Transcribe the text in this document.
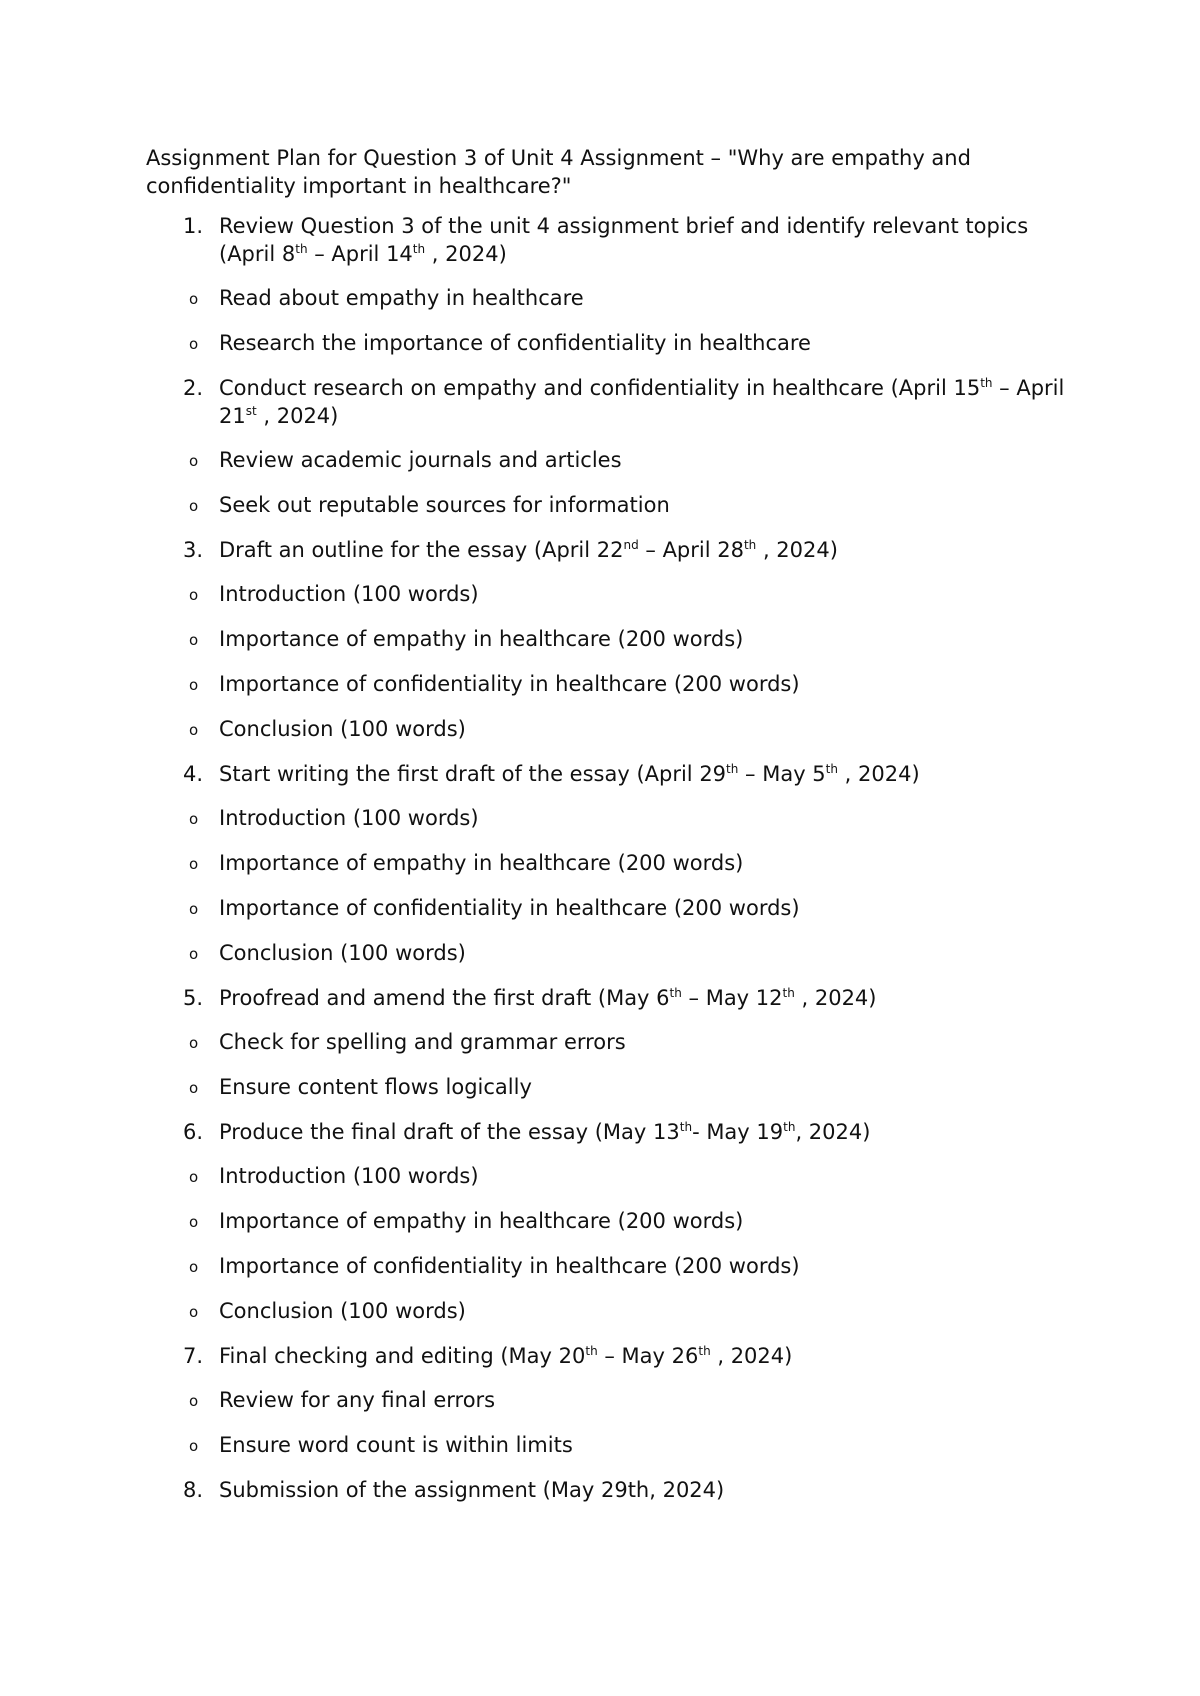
Assignment Plan for Question 3 of Unit 4 Assignment – "Why are empathy and
confidentiality important in healthcare?"
1. Review Question 3 of the unit 4 assignment brief and identify relevant topics (April 8th – April 14th , 2024)
o Read about empathy in healthcare
o Research the importance of confidentiality in healthcare
2. Conduct research on empathy and confidentiality in healthcare (April 15th – April 21st , 2024)
o Review academic journals and articles
o Seek out reputable sources for information
3. Draft an outline for the essay (April 22nd – April 28th , 2024)
o Introduction (100 words)
o Importance of empathy in healthcare (200 words)
o Importance of confidentiality in healthcare (200 words)
o Conclusion (100 words)
4. Start writing the first draft of the essay (April 29th – May 5th , 2024)
o Introduction (100 words)
o Importance of empathy in healthcare (200 words)
o Importance of confidentiality in healthcare (200 words)
o Conclusion (100 words)
5. Proofread and amend the first draft (May 6th – May 12th , 2024)
o Check for spelling and grammar errors
o Ensure content flows logically
6. Produce the final draft of the essay (May 13th- May 19th, 2024)
o Introduction (100 words)
o Importance of empathy in healthcare (200 words)
o Importance of confidentiality in healthcare (200 words)
o Conclusion (100 words)
7. Final checking and editing (May 20th – May 26th , 2024)
o Review for any final errors
o Ensure word count is within limits
8. Submission of the assignment (May 29th, 2024)
